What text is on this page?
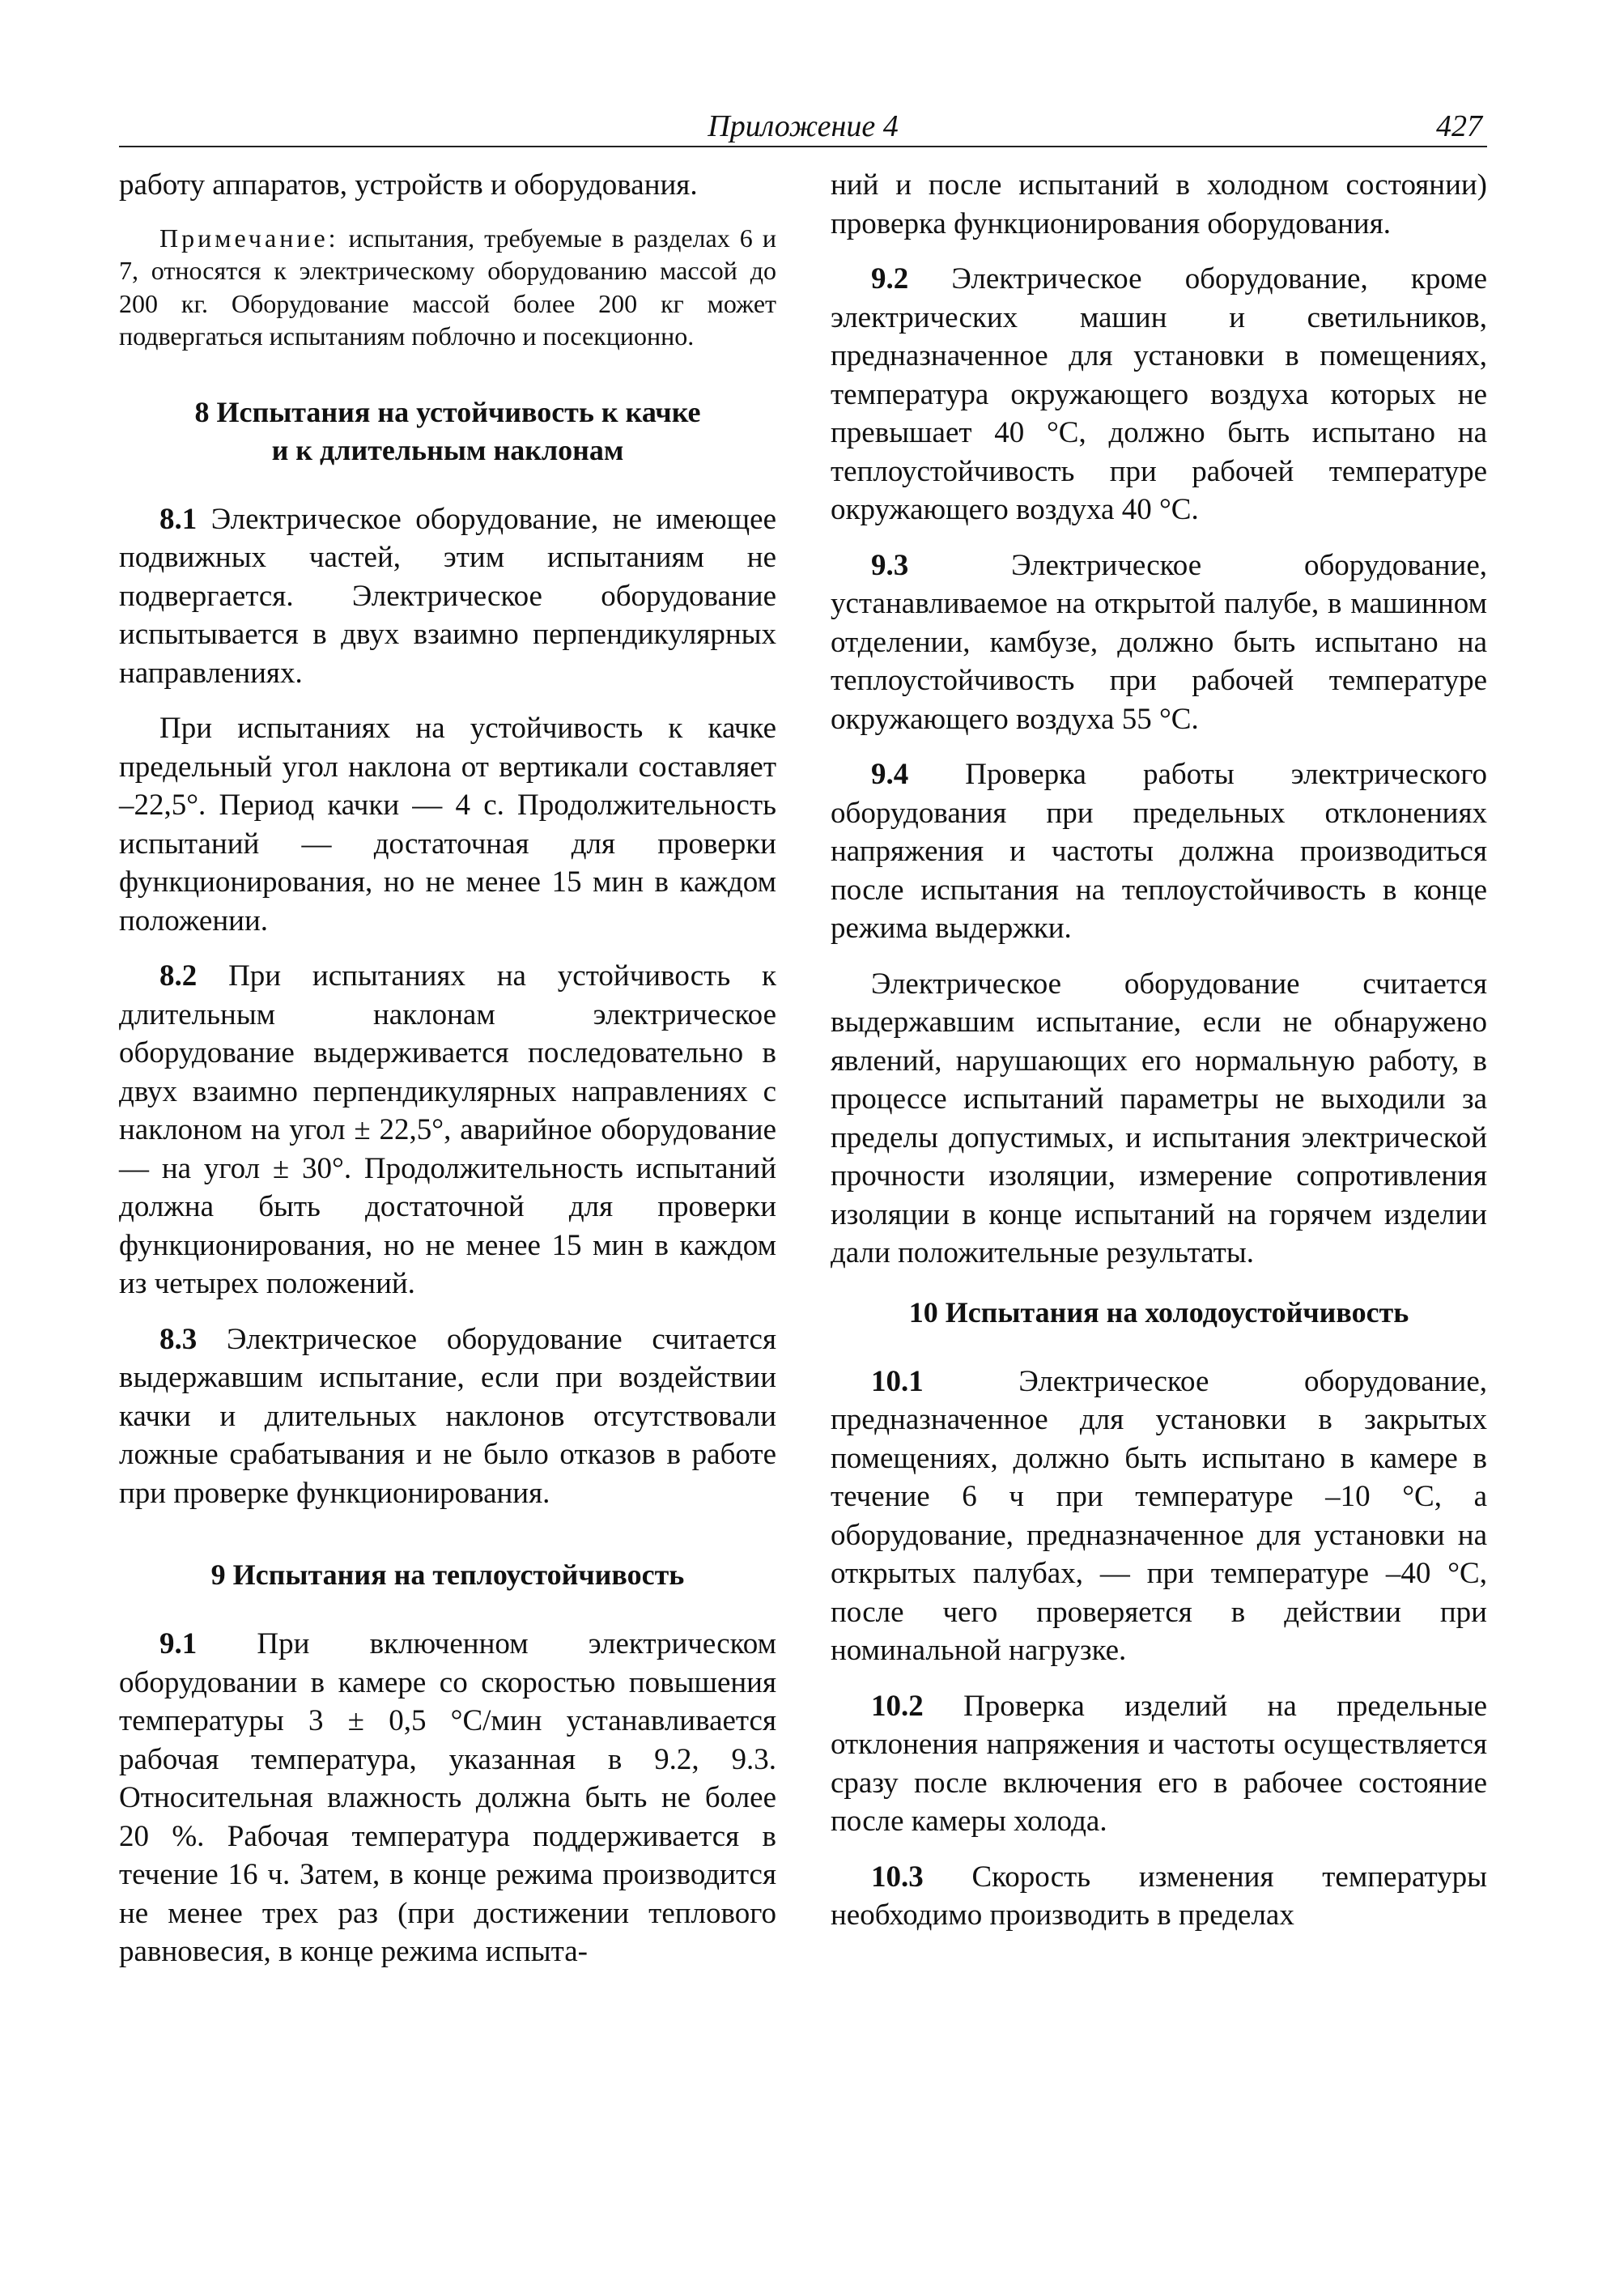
Приложение 4	427

работу аппаратов, устройств и оборудования.

Примечание: испытания, требуемые в разделах 6 и 7, относятся к электрическому оборудованию массой до 200 кг. Оборудование массой более 200 кг может подвергаться испытаниям поблочно и посекционно.

8 Испытания на устойчивость к качке
и к длительным наклонам

8.1 Электрическое оборудование, не имеющее подвижных частей, этим испытаниям не подвергается. Электрическое оборудование испытывается в двух взаимно перпендикулярных направлениях.

При испытаниях на устойчивость к качке предельный угол наклона от вертикали составляет –22,5°. Период качки — 4 с. Продолжительность испытаний — достаточная для проверки функционирования, но не менее 15 мин в каждом положении.

8.2 При испытаниях на устойчивость к длительным наклонам электрическое оборудование выдерживается последовательно в двух взаимно перпендикулярных направлениях с наклоном на угол ± 22,5°, аварийное оборудование — на угол ± 30°. Продолжительность испытаний должна быть достаточной для проверки функционирования, но не менее 15 мин в каждом из четырех положений.

8.3 Электрическое оборудование считается выдержавшим испытание, если при воздействии качки и длительных наклонов отсутствовали ложные срабатывания и не было отказов в работе при проверке функционирования.

9 Испытания на теплоустойчивость

9.1 При включенном электрическом оборудовании в камере со скоростью повышения температуры 3 ± 0,5 °С/мин устанавливается рабочая температура, указанная в 9.2, 9.3. Относительная влажность должна быть не более 20 %. Рабочая температура поддерживается в течение 16 ч. Затем, в конце режима производится не менее трех раз (при достижении теплового равновесия, в конце режима испыта-

ний и после испытаний в холодном состоянии) проверка функционирования оборудования.

9.2 Электрическое оборудование, кроме электрических машин и светильников, предназначенное для установки в помещениях, температура окружающего воздуха которых не превышает 40 °С, должно быть испытано на теплоустойчивость при рабочей температуре окружающего воздуха 40 °С.

9.3 Электрическое оборудование, устанавливаемое на открытой палубе, в машинном отделении, камбузе, должно быть испытано на теплоустойчивость при рабочей температуре окружающего воздуха 55 °С.

9.4 Проверка работы электрического оборудования при предельных отклонениях напряжения и частоты должна производиться после испытания на теплоустойчивость в конце режима выдержки.

Электрическое оборудование считается выдержавшим испытание, если не обнаружено явлений, нарушающих его нормальную работу, в процессе испытаний параметры не выходили за пределы допустимых, и испытания электрической прочности изоляции, измерение сопротивления изоляции в конце испытаний на горячем изделии дали положительные результаты.

10 Испытания на холодоустойчивость

10.1 Электрическое оборудование, предназначенное для установки в закрытых помещениях, должно быть испытано в камере в течение 6 ч при температуре –10 °С, а оборудование, предназначенное для установки на открытых палубах, — при температуре –40 °С, после чего проверяется в действии при номинальной нагрузке.

10.2 Проверка изделий на предельные отклонения напряжения и частоты осуществляется сразу после включения его в рабочее состояние после камеры холода.

10.3 Скорость изменения температуры необходимо производить в пределах
